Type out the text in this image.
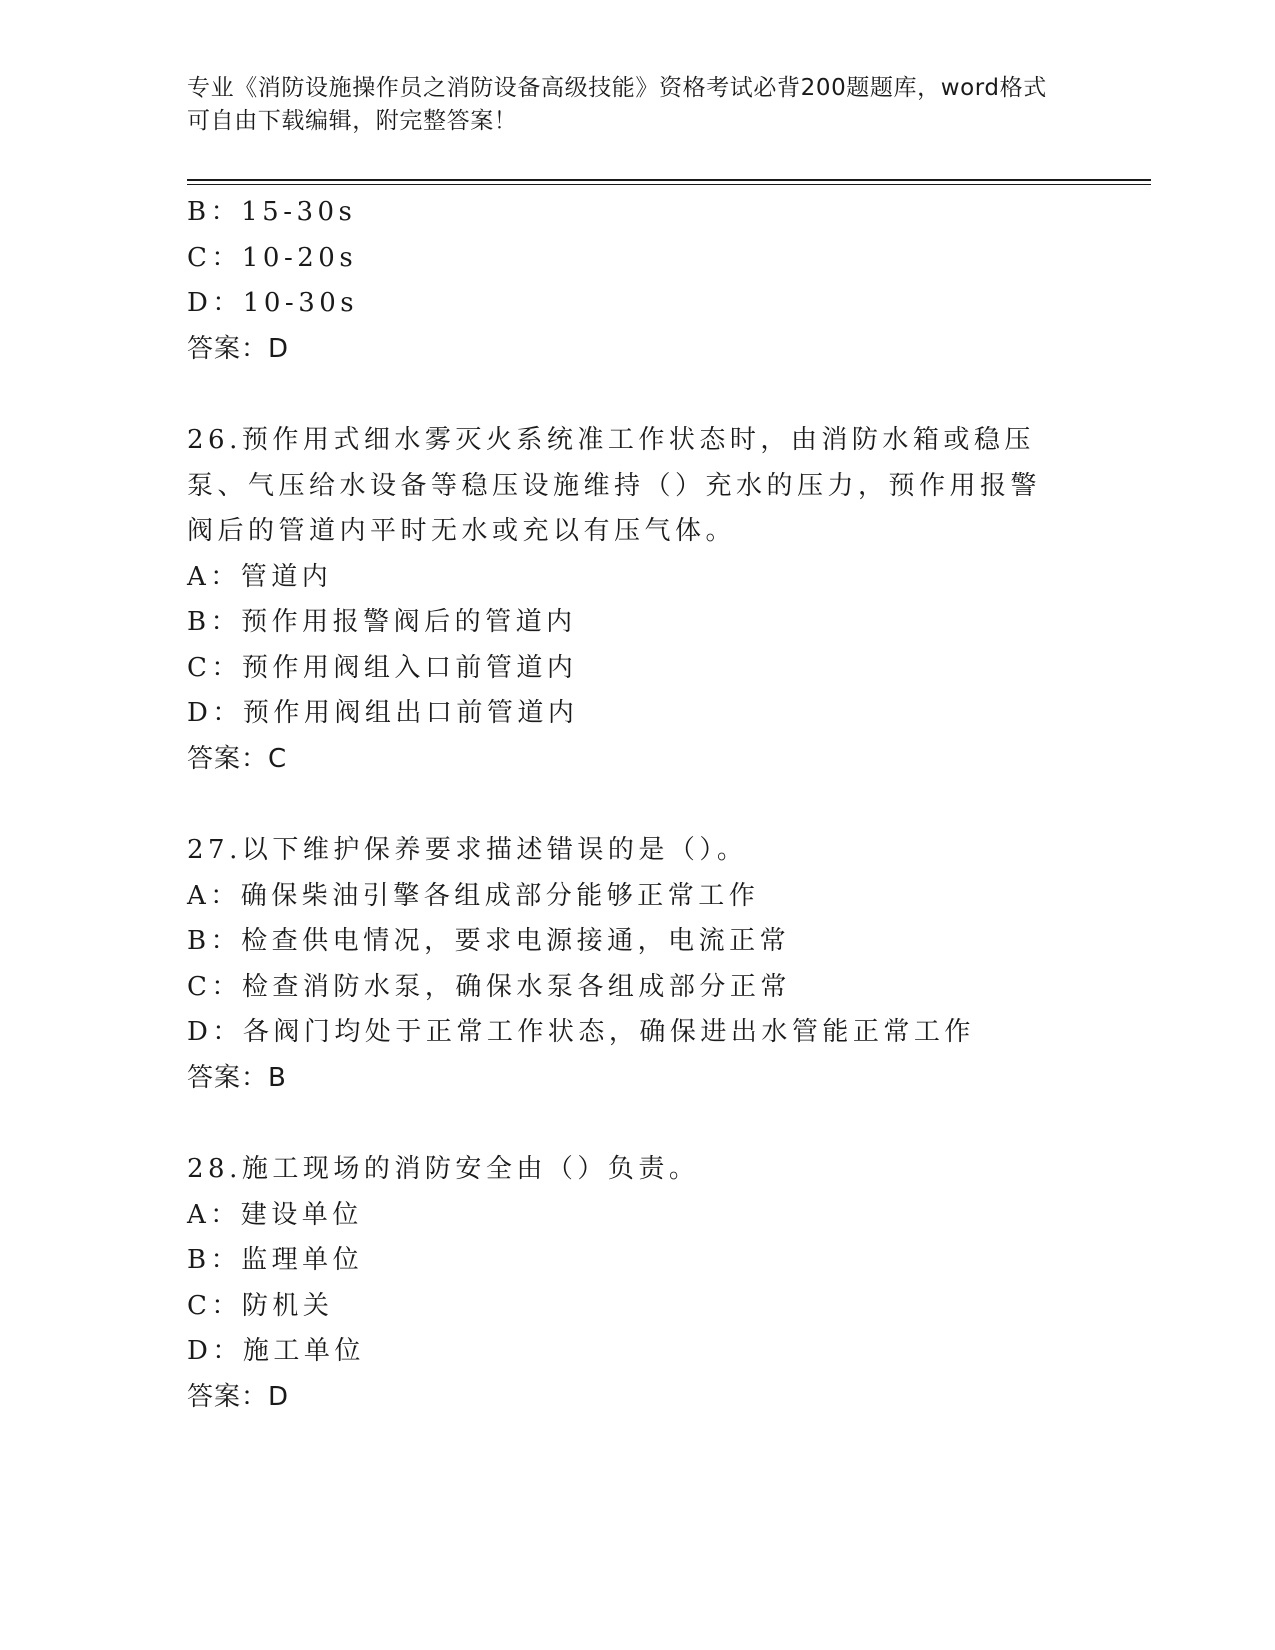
专业《消防设施操作员之消防设备高级技能》资格考试必背200题题库，word格式可自由下载编辑，附完整答案！
B：15-30s
C：10-20s
D：10-30s
答案：D
26.预作用式细水雾灭火系统准工作状态时，由消防水箱或稳压泵、气压给水设备等稳压设施维持（）充水的压力，预作用报警阀后的管道内平时无水或充以有压气体。
A：管道内
B：预作用报警阀后的管道内
C：预作用阀组入口前管道内
D：预作用阀组出口前管道内
答案：C
27.以下维护保养要求描述错误的是（）。
A：确保柴油引擎各组成部分能够正常工作
B：检查供电情况，要求电源接通，电流正常
C：检查消防水泵，确保水泵各组成部分正常
D：各阀门均处于正常工作状态，确保进出水管能正常工作
答案：B
28.施工现场的消防安全由（）负责。
A：建设单位
B：监理单位
C：防机关
D：施工单位
答案：D
